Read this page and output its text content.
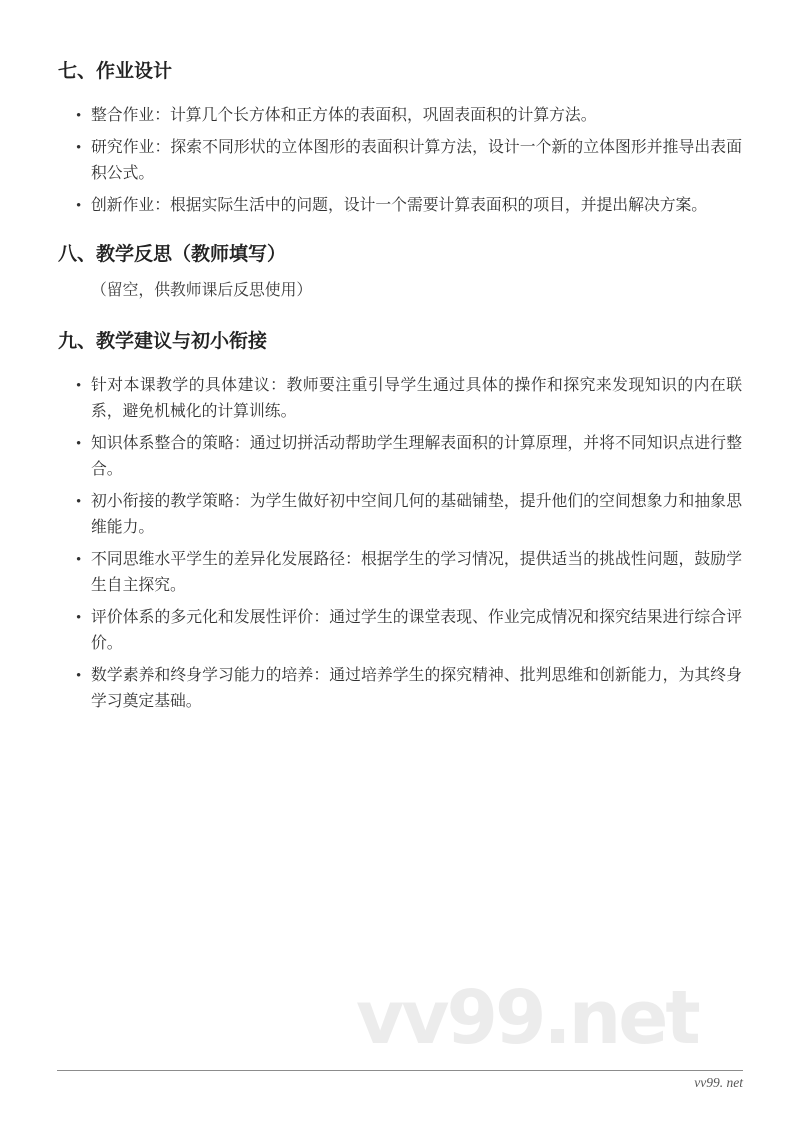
七、作业设计
• 整合作业：计算几个长方体和正方体的表面积，巩固表面积的计算方法。
• 研究作业：探索不同形状的立体图形的表面积计算方法，设计一个新的立体图形并推导出表面积公式。
• 创新作业：根据实际生活中的问题，设计一个需要计算表面积的项目，并提出解决方案。
八、教学反思（教师填写）

（留空，供教师课后反思使用）

九、教学建议与初小衔接
• 针对本课教学的具体建议：教师要注重引导学生通过具体的操作和探究来发现知识的内在联系，避免机械化的计算训练。
• 知识体系整合的策略：通过切拼活动帮助学生理解表面积的计算原理，并将不同知识点进行整合。
• 初小衔接的教学策略：为学生做好初中空间几何的基础铺垫，提升他们的空间想象力和抽象思维能力。
• 不同思维水平学生的差异化发展路径：根据学生的学习情况，提供适当的挑战性问题，鼓励学生自主探究。
• 评价体系的多元化和发展性评价：通过学生的课堂表现、作业完成情况和探究结果进行综合评价。
• 数学素养和终身学习能力的培养：通过培养学生的探究精神、批判思维和创新能力，为其终身学习奠定基础。
vv99.net
vv99. net
